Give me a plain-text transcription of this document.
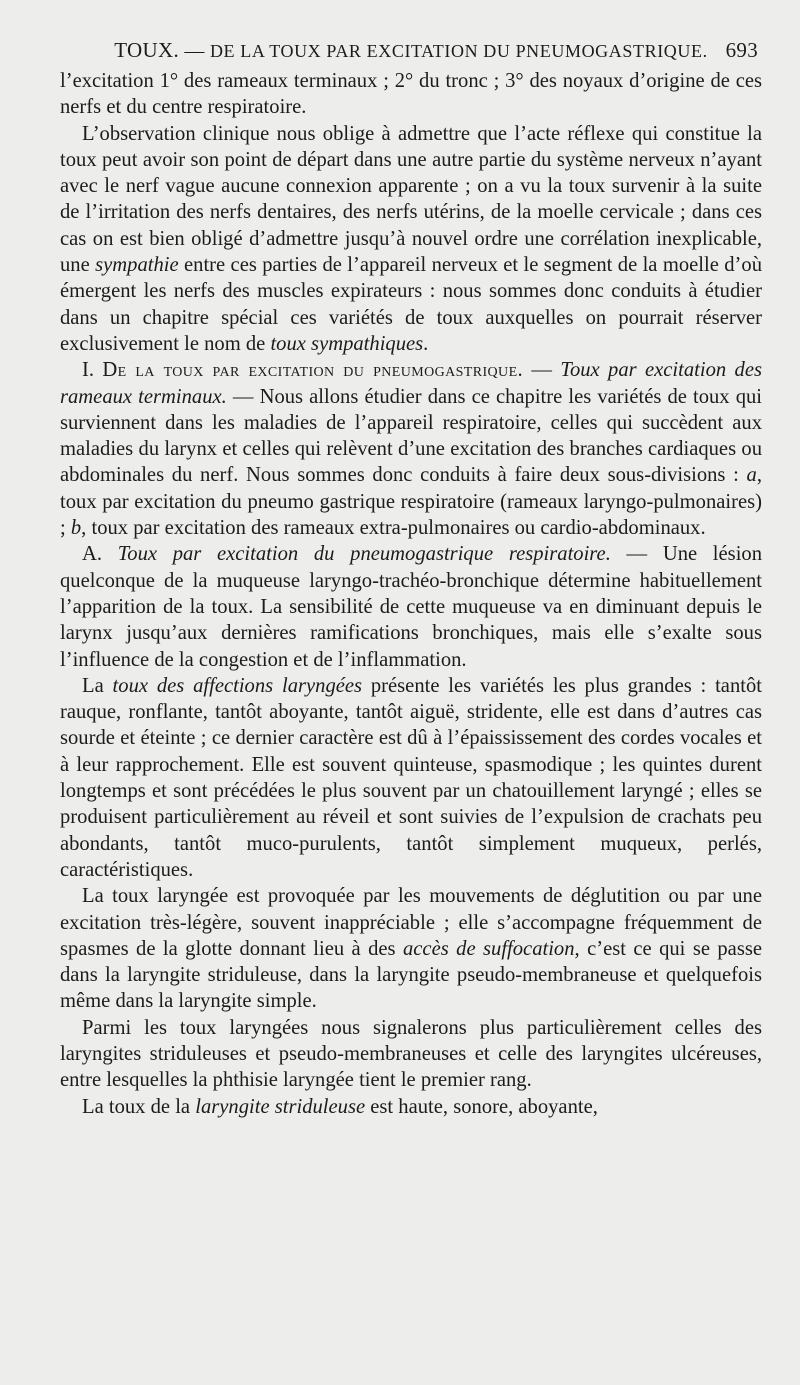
TOUX. — DE LA TOUX PAR EXCITATION DU PNEUMOGASTRIQUE. 693

l’excitation 1° des rameaux terminaux ; 2° du tronc ; 3° des noyaux d’origine de ces nerfs et du centre respiratoire.

L’observation clinique nous oblige à admettre que l’acte réflexe qui constitue la toux peut avoir son point de départ dans une autre partie du système nerveux n’ayant avec le nerf vague aucune connexion apparente ; on a vu la toux survenir à la suite de l’irritation des nerfs dentaires, des nerfs utérins, de la moelle cervicale ; dans ces cas on est bien obligé d’admettre jusqu’à nouvel ordre une corrélation inexplicable, une sympathie entre ces parties de l’appareil nerveux et le segment de la moelle d’où émergent les nerfs des muscles expirateurs : nous sommes donc conduits à étudier dans un chapitre spécial ces variétés de toux auxquelles on pourrait réserver exclusivement le nom de toux sympathiques.

I. De la toux par excitation du pneumogastrique. — Toux par excitation des rameaux terminaux. — Nous allons étudier dans ce chapitre les variétés de toux qui surviennent dans les maladies de l’appareil respiratoire, celles qui succèdent aux maladies du larynx et celles qui relèvent d’une excitation des branches cardiaques ou abdominales du nerf. Nous sommes donc conduits à faire deux sous-divisions : a, toux par excitation du pneumo gastrique respiratoire (rameaux laryngo-pulmonaires) ; b, toux par excitation des rameaux extra-pulmonaires ou cardio-abdominaux.

A. Toux par excitation du pneumogastrique respiratoire. — Une lésion quelconque de la muqueuse laryngo-trachéo-bronchique détermine habituellement l’apparition de la toux. La sensibilité de cette muqueuse va en diminuant depuis le larynx jusqu’aux dernières ramifications bronchiques, mais elle s’exalte sous l’influence de la congestion et de l’inflammation.

La toux des affections laryngées présente les variétés les plus grandes : tantôt rauque, ronflante, tantôt aboyante, tantôt aiguë, stridente, elle est dans d’autres cas sourde et éteinte ; ce dernier caractère est dû à l’épaississement des cordes vocales et à leur rapprochement. Elle est souvent quinteuse, spasmodique ; les quintes durent longtemps et sont précédées le plus souvent par un chatouillement laryngé ; elles se produisent particulièrement au réveil et sont suivies de l’expulsion de crachats peu abondants, tantôt muco-purulents, tantôt simplement muqueux, perlés, caractéristiques.

La toux laryngée est provoquée par les mouvements de déglutition ou par une excitation très-légère, souvent inappréciable ; elle s’accompagne fréquemment de spasmes de la glotte donnant lieu à des accès de suffocation, c’est ce qui se passe dans la laryngite striduleuse, dans la laryngite pseudo-membraneuse et quelquefois même dans la laryngite simple.

Parmi les toux laryngées nous signalerons plus particulièrement celles des laryngites striduleuses et pseudo-membraneuses et celle des laryngites ulcéreuses, entre lesquelles la phthisie laryngée tient le premier rang.

La toux de la laryngite striduleuse est haute, sonore, aboyante,
